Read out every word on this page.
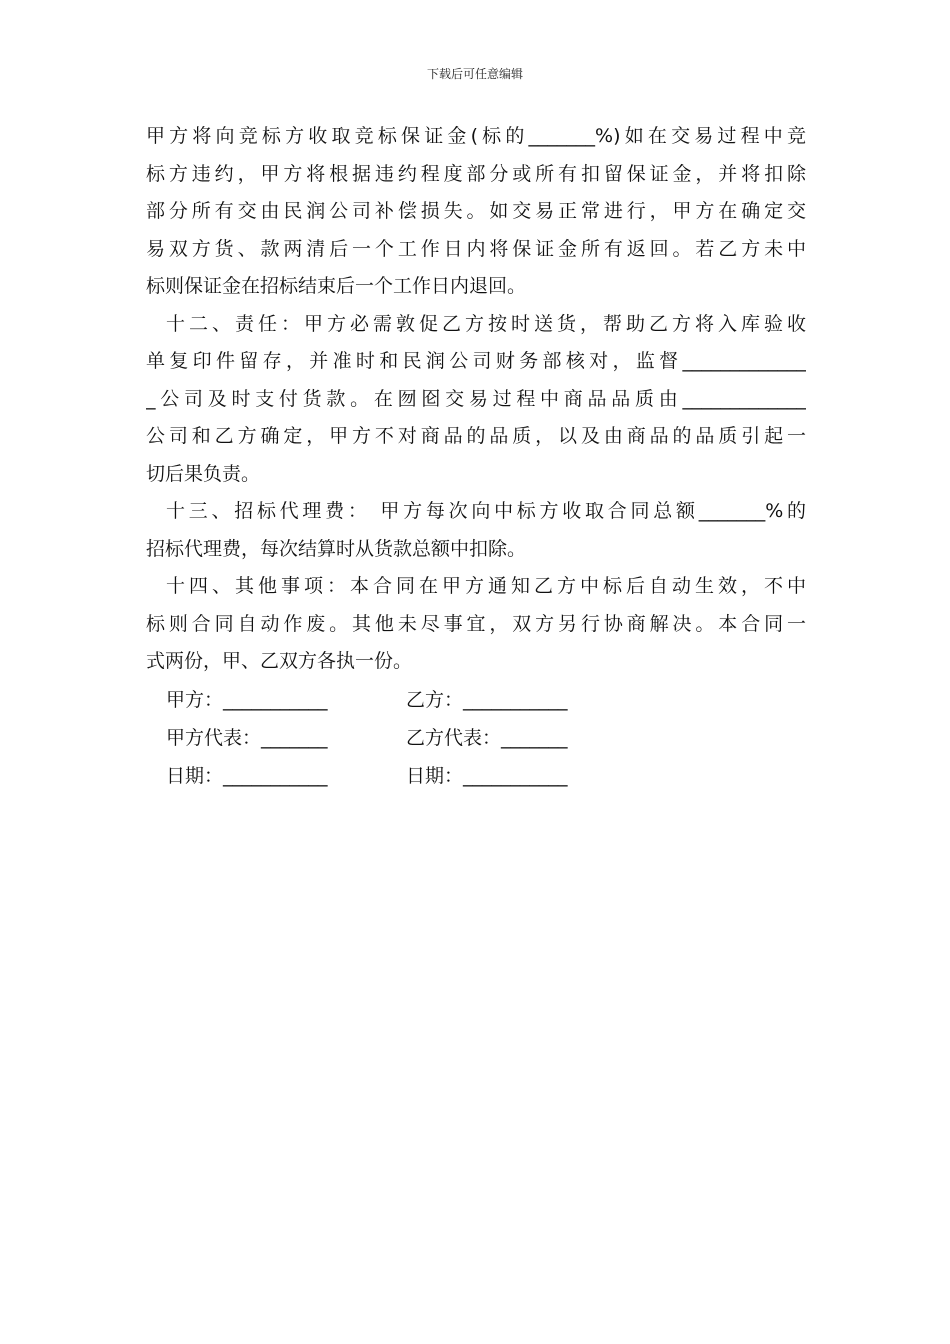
下载后可任意编辑
甲方将向竞标方收取竞标保证金(标的_______%)如在交易过程中竞
标方违约，甲方将根据违约程度部分或所有扣留保证金，并将扣除
部分所有交由民润公司补偿损失。如交易正常进行，甲方在确定交
易双方货、款两清后一个工作日内将保证金所有返回。若乙方未中
标则保证金在招标结束后一个工作日内退回。
十二、责任：甲方必需敦促乙方按时送货，帮助乙方将入库验收
单复印件留存，并准时和民润公司财务部核对，监督_____________
_公司及时支付货款。在囫囵交易过程中商品品质由_____________
公司和乙方确定，甲方不对商品的品质，以及由商品的品质引起一
切后果负责。
十三、招标代理费： 甲方每次向中标方收取合同总额_______%的
招标代理费，每次结算时从货款总额中扣除。
十四、其他事项：本合同在甲方通知乙方中标后自动生效，不中
标则合同自动作废。其他未尽事宜，双方另行协商解决。本合同一
式两份，甲、乙双方各执一份。
甲方：___________	乙方：___________
甲方代表：_______	乙方代表：_______
日期：___________	日期：___________
